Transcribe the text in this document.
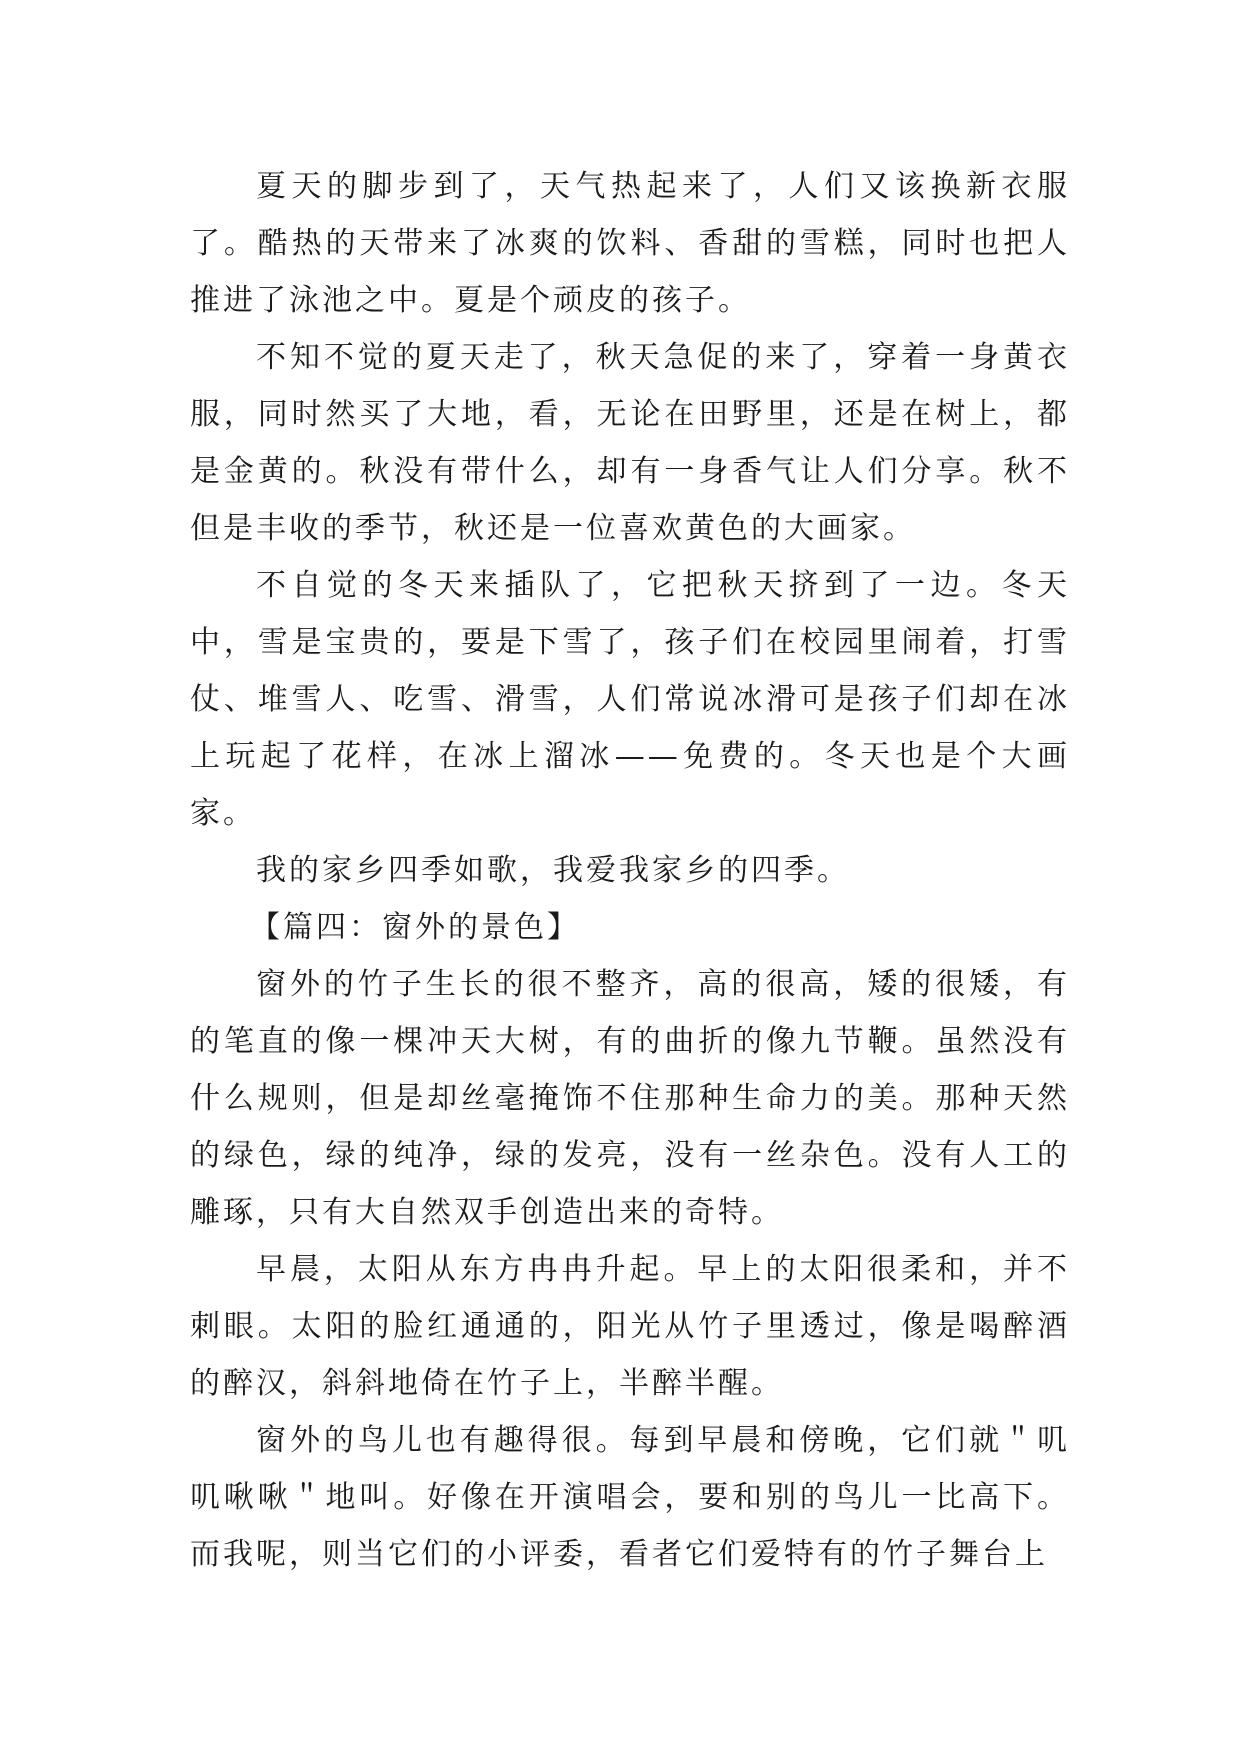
夏天的脚步到了，天气热起来了，人们又该换新衣服了。酷热的天带来了冰爽的饮料、香甜的雪糕，同时也把人推进了泳池之中。夏是个顽皮的孩子。

不知不觉的夏天走了，秋天急促的来了，穿着一身黄衣服，同时然买了大地，看，无论在田野里，还是在树上，都是金黄的。秋没有带什么，却有一身香气让人们分享。秋不但是丰收的季节，秋还是一位喜欢黄色的大画家。

不自觉的冬天来插队了，它把秋天挤到了一边。冬天中，雪是宝贵的，要是下雪了，孩子们在校园里闹着，打雪仗、堆雪人、吃雪、滑雪，人们常说冰滑可是孩子们却在冰上玩起了花样，在冰上溜冰——免费的。冬天也是个大画家。

我的家乡四季如歌，我爱我家乡的四季。

【篇四：窗外的景色】

窗外的竹子生长的很不整齐，高的很高，矮的很矮，有的笔直的像一棵冲天大树，有的曲折的像九节鞭。虽然没有什么规则，但是却丝毫掩饰不住那种生命力的美。那种天然的绿色，绿的纯净，绿的发亮，没有一丝杂色。没有人工的雕琢，只有大自然双手创造出来的奇特。

早晨，太阳从东方冉冉升起。早上的太阳很柔和，并不刺眼。太阳的脸红通通的，阳光从竹子里透过，像是喝醉酒的醉汉，斜斜地倚在竹子上，半醉半醒。

窗外的鸟儿也有趣得很。每到早晨和傍晚，它们就＂叽叽啾啾＂地叫。好像在开演唱会，要和别的鸟儿一比高下。而我呢，则当它们的小评委，看者它们爱特有的竹子舞台上
